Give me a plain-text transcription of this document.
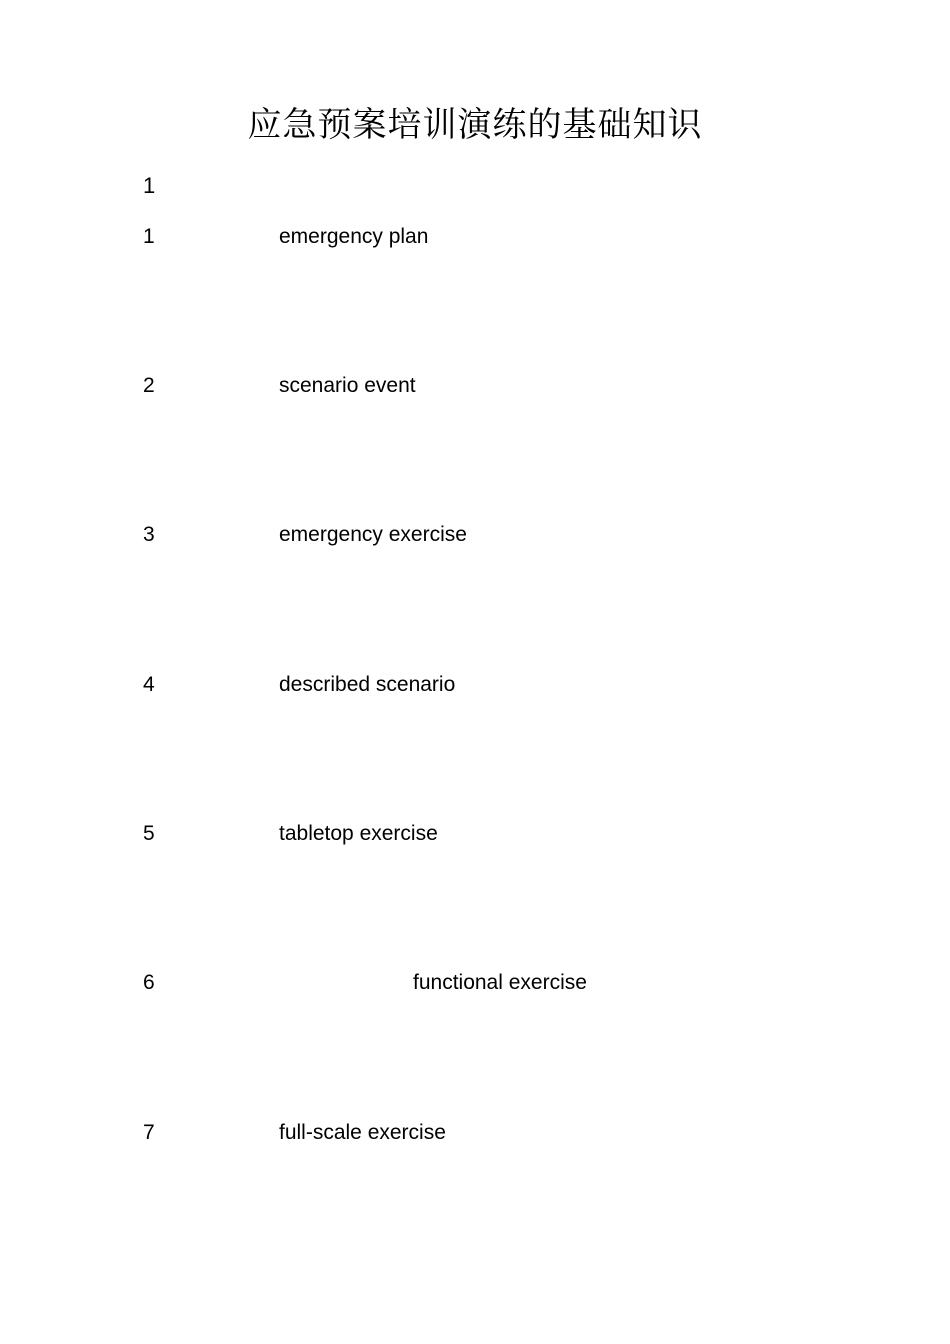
应急预案培训演练的基础知识
1
1	emergency plan
2	scenario event
3	emergency exercise
4	described scenario
5	tabletop exercise
6	functional exercise
7	full-scale exercise
